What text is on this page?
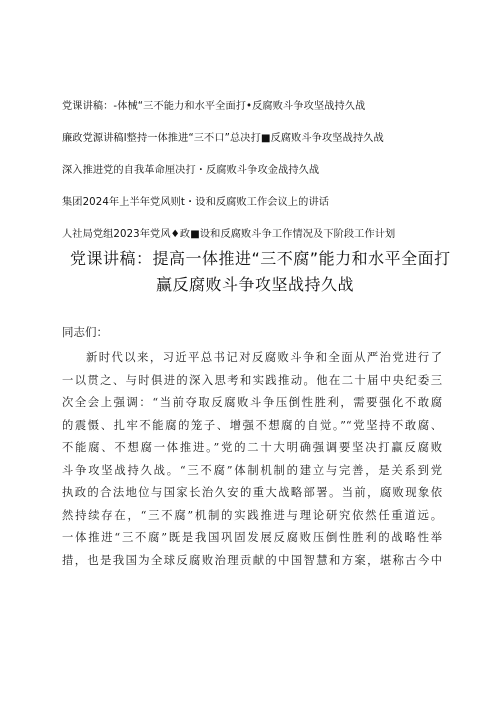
党课讲稿：-体械“三不能力和水平全面打•反腐败斗争攻坚战持久战
廉政党源讲稿l整持一体推进“三不口”总决打■反腐败斗争攻坚战持久战
深入推进党的自我革命厘决打・反腐败斗争攻金战持久战
集团2024年上半年党风则t・设和反腐败工作会议上的讲话
人社局党组2023年党风♦政■设和反腐败斗争工作情况及下阶段工作计划
党课讲稿：提高一体推进“三不腐”能力和水平全面打
赢反腐败斗争攻坚战持久战
同志们：
新时代以来，习近平总书记对反腐败斗争和全面从严治党进行了
一以贯之、与时俱进的深入思考和实践推动。他在二十届中央纪委三
次全会上强调：“当前夺取反腐败斗争压倒性胜利，需要强化不敢腐
的震慑、扎牢不能腐的笼子、增强不想腐的自觉。”“党坚持不敢腐、
不能腐、不想腐一体推进。”党的二十大明确强调要坚决打赢反腐败
斗争攻坚战持久战。“三不腐”体制机制的建立与完善，是关系到党
执政的合法地位与国家长治久安的重大战略部署。当前，腐败现象依
然持续存在，“三不腐”机制的实践推进与理论研究依然任重道远。
一体推进“三不腐”既是我国巩固发展反腐败压倒性胜利的战略性举
措，也是我国为全球反腐败治理贡献的中国智慧和方案，堪称古今中
